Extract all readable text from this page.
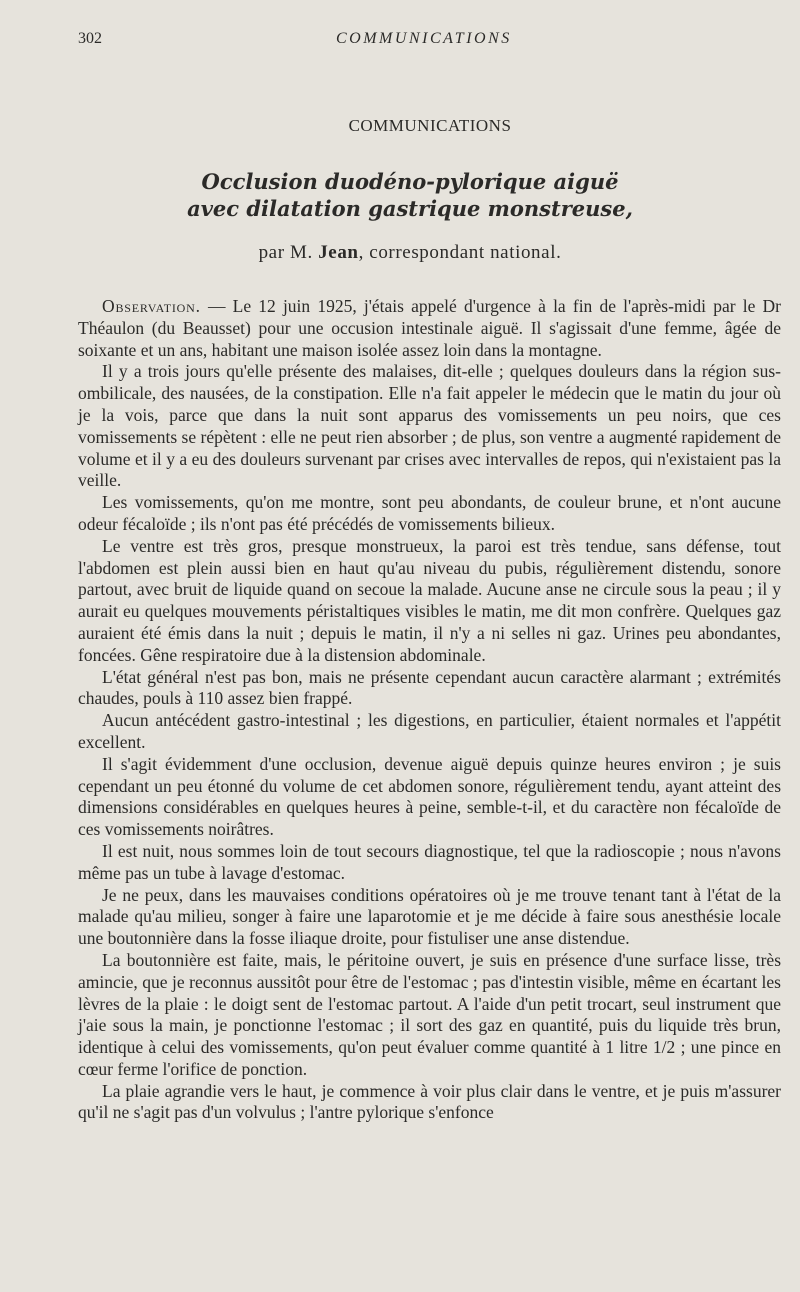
302	COMMUNICATIONS
COMMUNICATIONS
Occlusion duodéno-pylorique aiguë
avec dilatation gastrique monstreuse,
par M. Jean, correspondant national.

Observation. — Le 12 juin 1925, j'étais appelé d'urgence à la fin de l'après-midi par le Dr Théaulon (du Beausset) pour une occusion intestinale aiguë. Il s'agissait d'une femme, âgée de soixante et un ans, habitant une maison isolée assez loin dans la montagne.

Il y a trois jours qu'elle présente des malaises, dit-elle ; quelques douleurs dans la région sus-ombilicale, des nausées, de la constipation. Elle n'a fait appeler le médecin que le matin du jour où je la vois, parce que dans la nuit sont apparus des vomissements un peu noirs, que ces vomissements se répètent : elle ne peut rien absorber ; de plus, son ventre a augmenté rapidement de volume et il y a eu des douleurs survenant par crises avec intervalles de repos, qui n'existaient pas la veille.

Les vomissements, qu'on me montre, sont peu abondants, de couleur brune, et n'ont aucune odeur fécaloïde ; ils n'ont pas été précédés de vomissements bilieux.

Le ventre est très gros, presque monstrueux, la paroi est très tendue, sans défense, tout l'abdomen est plein aussi bien en haut qu'au niveau du pubis, régulièrement distendu, sonore partout, avec bruit de liquide quand on secoue la malade. Aucune anse ne circule sous la peau ; il y aurait eu quelques mouvements péristaltiques visibles le matin, me dit mon confrère. Quelques gaz auraient été émis dans la nuit ; depuis le matin, il n'y a ni selles ni gaz. Urines peu abondantes, foncées. Gêne respiratoire due à la distension abdominale.

L'état général n'est pas bon, mais ne présente cependant aucun caractère alarmant ; extrémités chaudes, pouls à 110 assez bien frappé.

Aucun antécédent gastro-intestinal ; les digestions, en particulier, étaient normales et l'appétit excellent.

Il s'agit évidemment d'une occlusion, devenue aiguë depuis quinze heures environ ; je suis cependant un peu étonné du volume de cet abdomen sonore, régulièrement tendu, ayant atteint des dimensions considérables en quelques heures à peine, semble-t-il, et du caractère non fécaloïde de ces vomissements noirâtres.

Il est nuit, nous sommes loin de tout secours diagnostique, tel que la radioscopie ; nous n'avons même pas un tube à lavage d'estomac.

Je ne peux, dans les mauvaises conditions opératoires où je me trouve tenant tant à l'état de la malade qu'au milieu, songer à faire une laparotomie et je me décide à faire sous anesthésie locale une boutonnière dans la fosse iliaque droite, pour fistuliser une anse distendue.

La boutonnière est faite, mais, le péritoine ouvert, je suis en présence d'une surface lisse, très amincie, que je reconnus aussitôt pour être de l'estomac ; pas d'intestin visible, même en écartant les lèvres de la plaie : le doigt sent de l'estomac partout. A l'aide d'un petit trocart, seul instrument que j'aie sous la main, je ponctionne l'estomac ; il sort des gaz en quantité, puis du liquide très brun, identique à celui des vomissements, qu'on peut évaluer comme quantité à 1 litre 1/2 ; une pince en cœur ferme l'orifice de ponction.

La plaie agrandie vers le haut, je commence à voir plus clair dans le ventre, et je puis m'assurer qu'il ne s'agit pas d'un volvulus ; l'antre pylorique s'enfonce
